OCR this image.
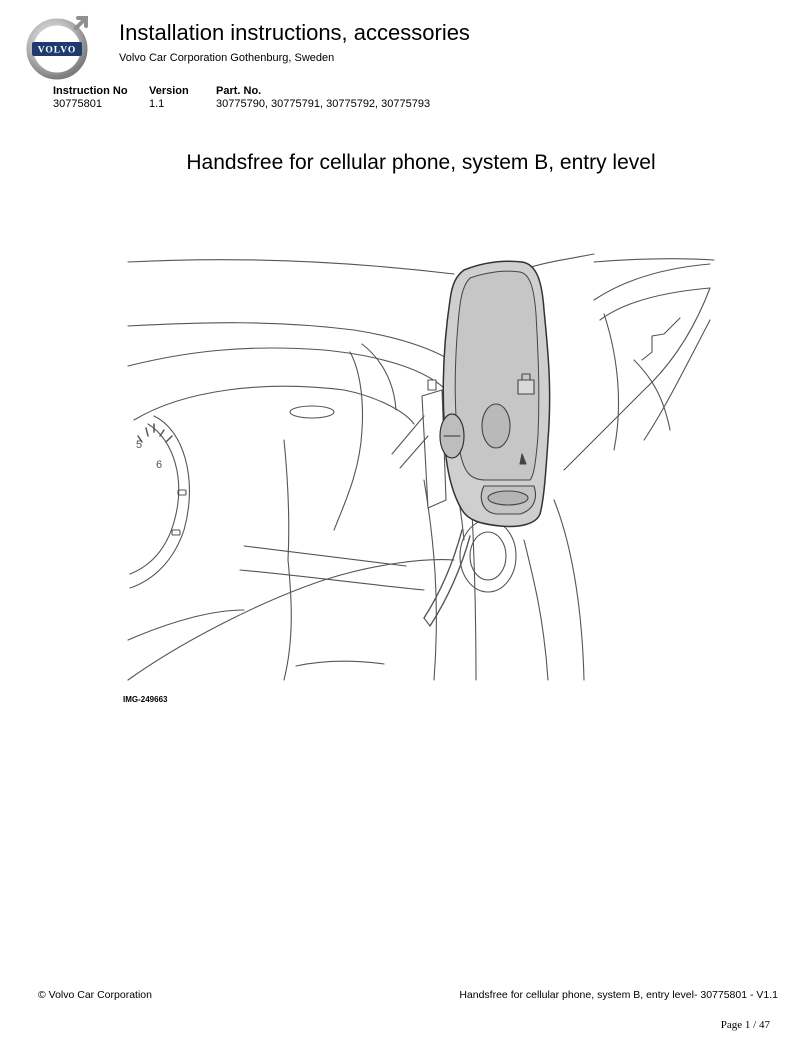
VOLVO
Installation instructions, accessories
Volvo Car Corporation Gothenburg, Sweden
Instruction No
30775801
Version
1.1
Part. No.
30775790, 30775791, 30775792, 30775793
Handsfree for cellular phone, system B, entry level
5
6
IMG-249663
© Volvo Car Corporation	Handsfree for cellular phone, system B, entry level- 30775801 - V1.1
Page 1 / 47
